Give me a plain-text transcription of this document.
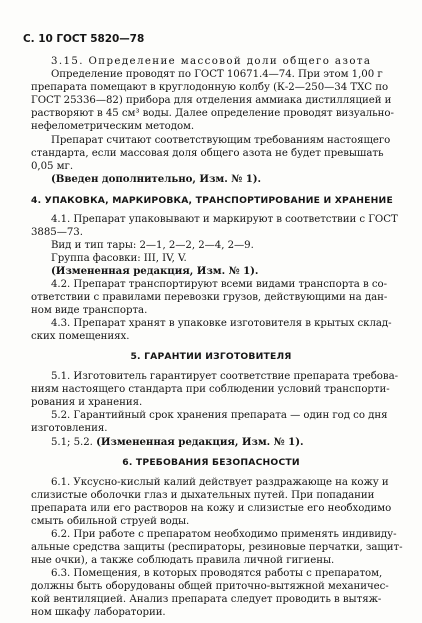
С. 10 ГОСТ 5820—78
3.15. Определение массовой доли общего азота
Определение проводят по ГОСТ 10671.4—74. При этом 1,00 г
препарата помещают в круглодонную колбу (К-2—250—34 ТХС по
ГОСТ 25336—82) прибора для отделения аммиака дистилляцией и
растворяют в 45 см³ воды. Далее определение проводят визуально-
нефелометрическим методом.
Препарат считают соответствующим требованиям настоящего
стандарта, если массовая доля общего азота не будет превышать
0,05 мг.
(Введен дополнительно, Изм. № 1).
4. УПАКОВКА, МАРКИРОВКА, ТРАНСПОРТИРОВАНИЕ И ХРАНЕНИЕ
4.1. Препарат упаковывают и маркируют в соответствии с ГОСТ
3885—73.
Вид и тип тары: 2—1, 2—2, 2—4, 2—9.
Группа фасовки: III, IV, V.
(Измененная редакция, Изм. № 1).
4.2. Препарат транспортируют всеми видами транспорта в со-
ответствии с правилами перевозки грузов, действующими на дан-
ном виде транспорта.
4.3. Препарат хранят в упаковке изготовителя в крытых склад-
ских помещениях.
5. ГАРАНТИИ ИЗГОТОВИТЕЛЯ
5.1. Изготовитель гарантирует соответствие препарата требова-
ниям настоящего стандарта при соблюдении условий транспорти-
рования и хранения.
5.2. Гарантийный срок хранения препарата — один год со дня
изготовления.
5.1; 5.2. (Измененная редакция, Изм. № 1).
6. ТРЕБОВАНИЯ БЕЗОПАСНОСТИ
6.1. Уксусно-кислый калий действует раздражающе на кожу и
слизистые оболочки глаз и дыхательных путей. При попадании
препарата или его растворов на кожу и слизистые его необходимо
смыть обильной струей воды.
6.2. При работе с препаратом необходимо применять индивиду-
альные средства защиты (респираторы, резиновые перчатки, защит-
ные очки), а также соблюдать правила личной гигиены.
6.3. Помещения, в которых проводятся работы с препаратом,
должны быть оборудованы общей приточно-вытяжной механичес-
кой вентиляцией. Анализ препарата следует проводить в вытяж-
ном шкафу лаборатории.
